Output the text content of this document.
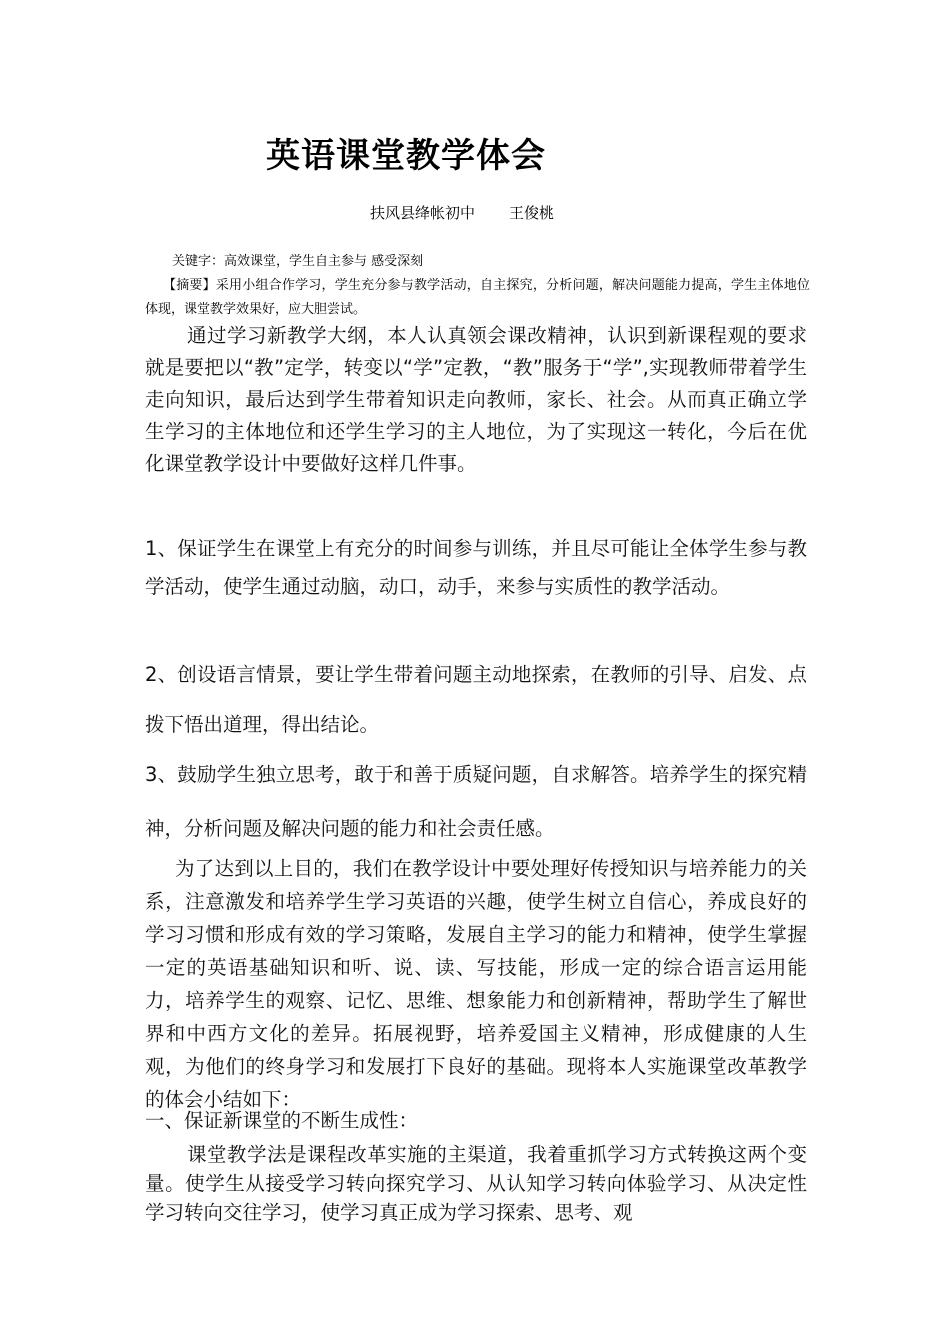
英语课堂教学体会
扶风县绛帐初中 王俊桃
关键字：高效课堂，学生自主参与 感受深刻
【摘要】采用小组合作学习，学生充分参与教学活动，自主探究，分析问题，解决问题能力提高，学生主体地位体现，课堂教学效果好，应大胆尝试。
通过学习新教学大纲，本人认真领会课改精神，认识到新课程观的要求就是要把以“教”定学，转变以“学”定教，“教”服务于“学”,实现教师带着学生走向知识，最后达到学生带着知识走向教师，家长、社会。从而真正确立学生学习的主体地位和还学生学习的主人地位，为了实现这一转化，今后在优化课堂教学设计中要做好这样几件事。
1、保证学生在课堂上有充分的时间参与训练，并且尽可能让全体学生参与教学活动，使学生通过动脑，动口，动手，来参与实质性的教学活动。
2、创设语言情景，要让学生带着问题主动地探索，在教师的引导、启发、点拨下悟出道理，得出结论。
3、鼓励学生独立思考，敢于和善于质疑问题，自求解答。培养学生的探究精神，分析问题及解决问题的能力和社会责任感。
为了达到以上目的，我们在教学设计中要处理好传授知识与培养能力的关系，注意激发和培养学生学习英语的兴趣，使学生树立自信心，养成良好的学习习惯和形成有效的学习策略，发展自主学习的能力和精神，使学生掌握一定的英语基础知识和听、说、读、写技能，形成一定的综合语言运用能力，培养学生的观察、记忆、思维、想象能力和创新精神，帮助学生了解世界和中西方文化的差异。拓展视野，培养爱国主义精神，形成健康的人生观，为他们的终身学习和发展打下良好的基础。现将本人实施课堂改革教学的体会小结如下：
一、保证新课堂的不断生成性：
课堂教学法是课程改革实施的主渠道，我着重抓学习方式转换这两个变量。使学生从接受学习转向探究学习、从认知学习转向体验学习、从决定性学习转向交往学习，使学习真正成为学习探索、思考、观
